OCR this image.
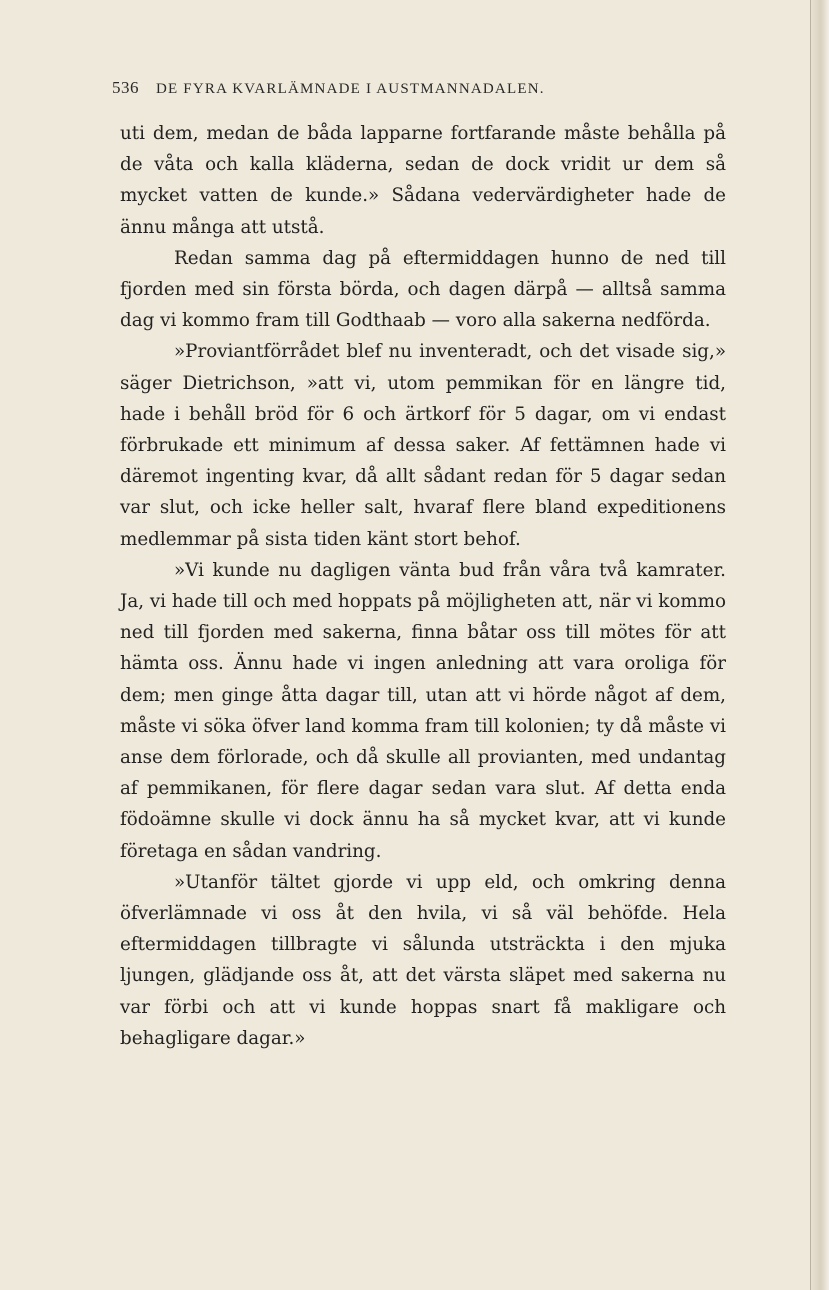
536 DE FYRA KVARLÄMNADE I AUSTMANNADALEN.

uti dem, medan de båda lapparne fortfarande måste behålla på de våta och kalla kläderna, sedan de dock vridit ur dem så mycket vatten de kunde.» Sådana vedervärdigheter hade de ännu många att utstå.

Redan samma dag på eftermiddagen hunno de ned till fjorden med sin första börda, och dagen därpå — alltså samma dag vi kommo fram till Godthaab — voro alla sakerna nedförda.

»Proviantförrådet blef nu inventeradt, och det visade sig,» säger Dietrichson, »att vi, utom pemmikan för en längre tid, hade i behåll bröd för 6 och ärtkorf för 5 dagar, om vi endast förbrukade ett minimum af dessa saker. Af fettämnen hade vi däremot ingenting kvar, då allt sådant redan för 5 dagar sedan var slut, och icke heller salt, hvaraf flere bland expeditionens medlemmar på sista tiden känt stort behof.

»Vi kunde nu dagligen vänta bud från våra två kamrater. Ja, vi hade till och med hoppats på möjligheten att, när vi kommo ned till fjorden med sakerna, finna båtar oss till mötes för att hämta oss. Ännu hade vi ingen anledning att vara oroliga för dem; men ginge åtta dagar till, utan att vi hörde något af dem, måste vi söka öfver land komma fram till kolonien; ty då måste vi anse dem förlorade, och då skulle all provianten, med undantag af pemmikanen, för flere dagar sedan vara slut. Af detta enda födoämne skulle vi dock ännu ha så mycket kvar, att vi kunde företaga en sådan vandring.

»Utanför tältet gjorde vi upp eld, och omkring denna öfverlämnade vi oss åt den hvila, vi så väl behöfde. Hela eftermiddagen tillbragte vi sålunda utsträckta i den mjuka ljungen, glädjande oss åt, att det värsta släpet med sakerna nu var förbi och att vi kunde hoppas snart få makligare och behagligare dagar.»
